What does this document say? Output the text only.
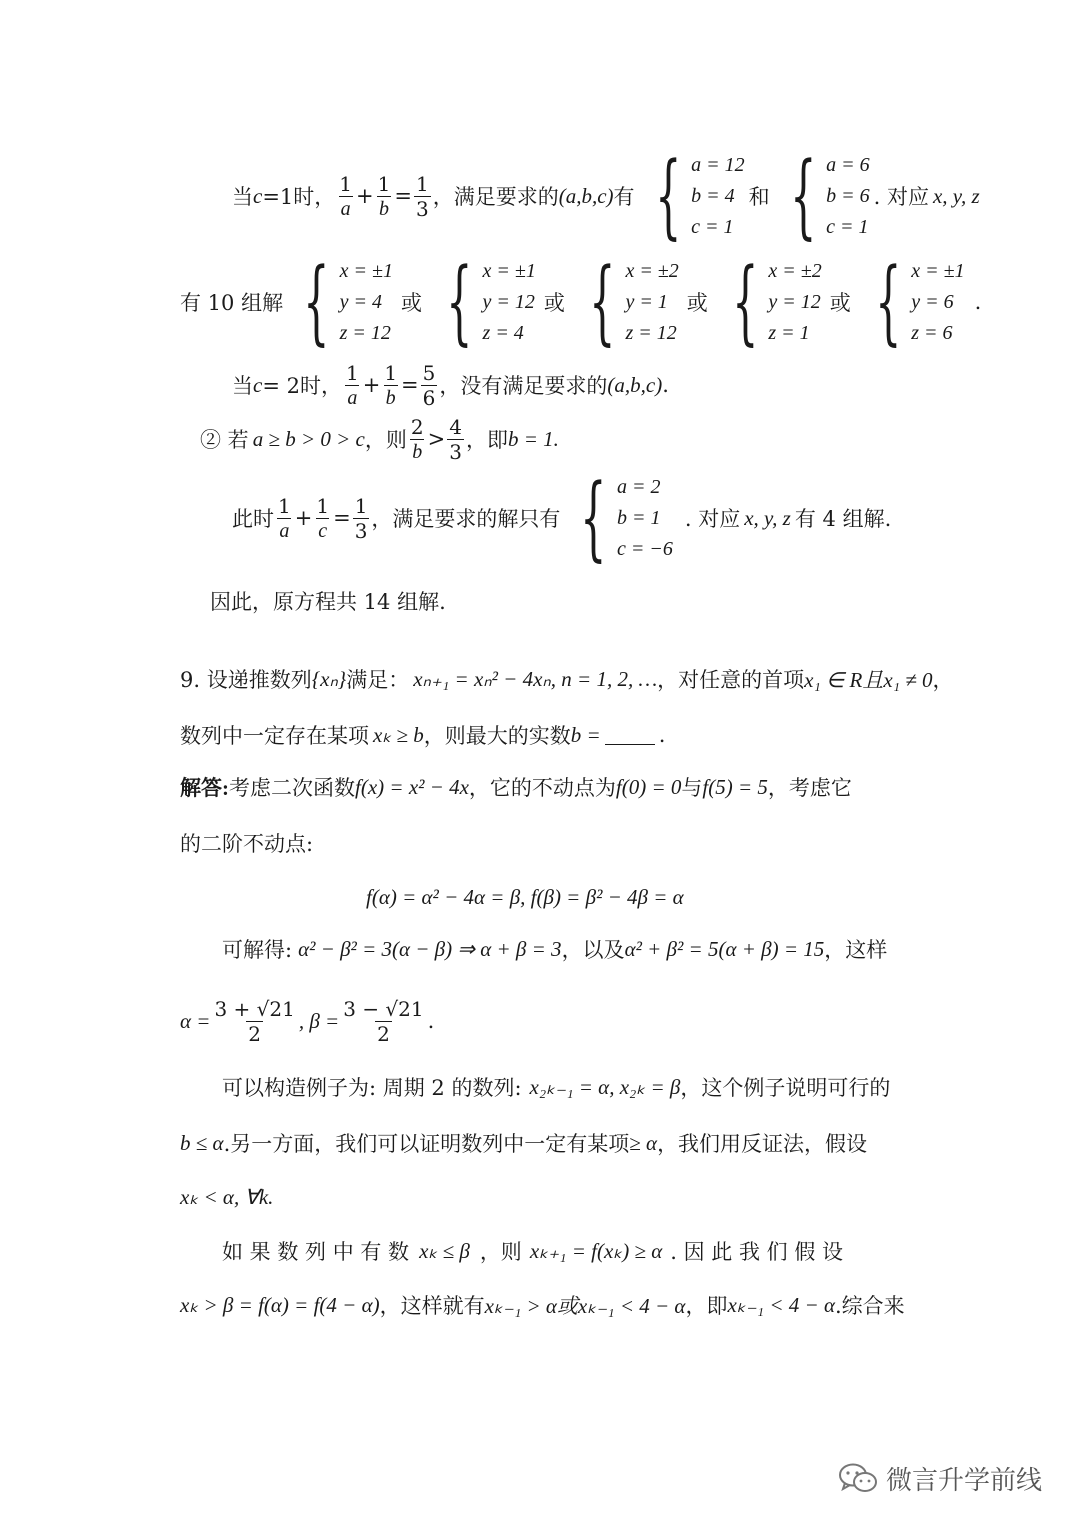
当 c =1时， $\frac{1}{a} + \frac{1}{b} = \frac{1}{3}$ ， 满足要求的 (a,b,c) 有 { a = 12
b = 4
c = 1
和 { a = 6
b = 6
c = 1
. 对应 x, y, z
有 10 组解 { x = ±1
y = 4
z = 12
或 { x = ±1
y = 12
z = 4
或 { x = ±2
y = 1
z = 12
或 { x = ±2
y = 12
z = 1
或 { x = ±1
y = 6
z = 6
.
当 c = 2时， $\frac{1}{a} + \frac{1}{b} = \frac{5}{6}$ ，没有满足要求的 (a,b,c) .
② 若 a ≥ b > 0 > c ，则 $\frac{2}{b} > \frac{4}{3}$ ，即 b = 1.
此时 $\frac{1}{a} + \frac{1}{c} = \frac{1}{3}$ ，满足要求的解只有 { a = 2
b = 1
c = −6
. 对应 x, y, z 有 4 组解.
因此，原方程共 14 组解.
9. 设递推数列 {xₙ} 满足： xₙ₊₁ = xₙ² − 4xₙ, n = 1, 2, … ，对任意的首项 x₁ ∈ R且x₁ ≠ 0 ，
数列中一定存在某项 xₖ ≥ b ，则最大的实数 b =	.
解答: 考虑二次函数 f(x) = x² − 4x ，它的不动点为 f(0) = 0 与 f(5) = 5 ，考虑它
的二阶不动点:
f(α) = α² − 4α = β, f(β) = β² − 4β = α
可解得: α² − β² = 3(α − β) ⇒ α + β = 3 ，以及 α² + β² = 5(α + β) = 15 ，这样
$\alpha = \frac{3 + √21}{2}$ , $\beta = \frac{3 - √21}{2}$ .
可以构造例子为: 周期 2 的数列: x₂ₖ₋₁ = α, x₂ₖ = β ，这个例子说明可行的
b ≤ α .另一方面，我们可以证明数列中一定有某项 ≥ α ，我们用反证法，假设
xₖ < α, ∀k.
如 果 数 列 中 有 数 xₖ ≤ β ，则 xₖ₊₁ = f(xₖ) ≥ α . 因 此 我 们 假 设
xₖ > β = f(α) = f(4 − α) ，这样就有 xₖ₋₁ > α或xₖ₋₁ < 4 − α ，即 xₖ₋₁ < 4 − α .综合来
微言升学前线
